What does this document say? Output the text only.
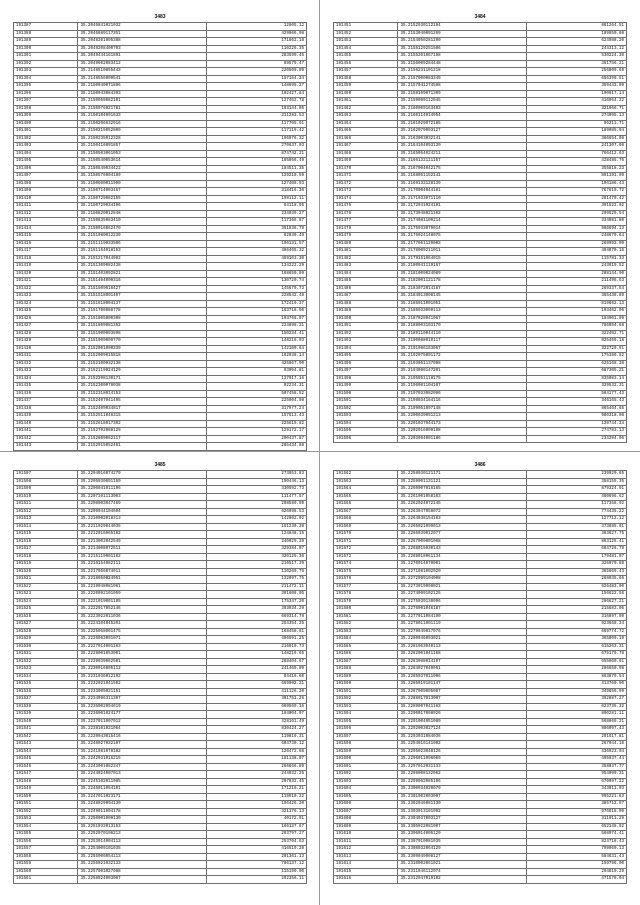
3483
191387	35.2046841021032	12605.12
191388	35.2046889117351	429066.08
191389	35.2048201005388	171662.18
191390	35.2049208400703	110226.35
191391	35.2049444161891	283599.45
191392	35.2049602083412	69579.47
191393	35.2148510855443	220509.09
191394	35.2148556009541	157164.34
191395	35.2150040071886	148695.27
191396	35.2150043084393	102427.84
191397	35.2150059082101	127462.78
191398	35.2150076021781	193144.05
191399	35.2150104091633	311283.53
191400	35.2150206632916	117705.61
191401	35.2150215052809	117119.42
191402	35.2150235012328	196976.32
191403	35.2150416091857	270637.03
191404	35.2150503061053	874742.21
191405	35.2150540053614	185056.49
191406	35.2150549034422	184511.35
191407	35.2150576004189	129218.59
191408	35.2150600011900	127408.93
191409	35.2150714003467	318416.36
191410	35.2150729082155	198112.11
191411	35.2150729034196	64118.96
191412	35.2150820012848	234039.27
191413	35.2150835083410	117366.87
191414	35.2150916062479	351936.79
191415	35.2151080012239	62830.49
191416	35.2151119033506	196131.57
191417	35.2151164018153	486465.32
191418	35.2151217044982	459103.30
191419	35.2151309082438	134222.29
191420	35.2151403092821	168650.89
191421	35.2151404000316	130720.74
191422	35.2151509016427	145679.73
191423	35.2151518001407	228542.48
191424	35.2151618004137	172419.37
191425	35.2151706088778	163718.90
191426	35.2151805000308	103766.07
191427	35.2151809081352	224898.31
191428	35.2151900093898	150234.41
191429	35.2151909009770	148216.93
191430	35.2152001090339	142100.64
191431	35.2152009015818	162938.14
191432	35.2152100032138	425867.90
191433	35.2152119024129	93094.81
191434	35.2152208130171	137017.16
191435	35.2152300078038	92234.31
191436	35.2152318014153	507458.52
191437	35.2152407041495	225904.98
191438	35.2152409034817	317977.24
191439	35.2152511046315	157613.43
191440	35.2152618017302	225619.82
191441	35.2152702088129	129172.17
191442	35.2152809062117	200437.87
191443	35.2152915052461	285434.88
3484
191451	35.2152930112194	861264.51
191452	35.2153040001269	189950.88
191453	35.2154050281290	624988.20
191454	35.2155129251506	244313.12
191455	35.2155201067198	530224.30
191456	35.2156009284448	351756.21
191457	35.2156231101218	256009.69
191458	35.2157000083349	656399.51
191459	35.2157041274588	359443.09
191460	35.2158109071309	190017.14
191461	35.2159099112045	416964.22
191462	35.2160009163403	321966.71
191463	35.2160114014054	274095.13
191464	35.2161029072185	96211.71
191465	35.2162079093127	189085.94
191466	35.2163003032141	366654.08
191467	35.2164104093130	241307.98
191468	35.2165054024211	766412.63
191469	35.2166132111157	428485.76
191470	35.2167004042175	355818.23
191471	35.2168051152141	891191.09
191472	35.2169133128139	104186.43
191473	35.2170004044181	767619.72
191474	35.2171033071110	281470.42
191475	35.2172041024191	391522.02
191476	35.2173048021162	299529.54
191477	35.2174081109214	334981.80
191478	35.2175033079014	986694.13
191479	35.2176024148075	248670.64
191480	35.2177061129003	269993.09
191481	35.2178009211011	494070.16
191482	35.2179151064015	115781.33
191483	35.2180041119167	243919.52
191484	35.2181009024089	288144.90
191485	35.2182001121178	211496.63
191486	35.2183072014167	269337.54
191487	35.2184013008145	365438.89
191488	35.2185011001051	819662.13
191489	35.2186033099113	103462.06
191490	35.2187028041067	184901.99
191491	35.2188003103170	786054.68
191492	35.2189110044110	322402.71
191493	35.2190088010117	825466.18
191494	35.2191086163067	322729.51
191495	35.2192075001172	175386.82
191496	35.2193051137098	625168.38
191497	35.2194086147201	687305.21
191498	35.2195051118175	835083.14
191499	35.2196081104107	329532.31
191500	35.2197033082096	584177.43
191501	35.2198034164116	346165.43
191502	35.2199051097148	865464.65
191503	35.2200039091213	980318.08
191504	35.2201037044173	139744.24
191505	35.2202016009188	274783.13
191506	35.2203094001186	234394.06
3485
191507	35.2204016074279	273953.83
191508	35.2205030091169	190446.13
191509	35.2206041011196	330592.73
191510	35.2207101113003	111477.57
191511	35.2208003047469	208589.09
191512	35.2209044104604	626998.53
191513	35.2210002018313	142802.02
191514	35.2211029044035	161230.38
191515	35.2212016065162	124848.15
191516	35.2213002042549	240029.39
191517	35.2214008072511	329384.07
191518	35.2215119001162	320125.36
191519	35.2216154082111	216517.39
191520	35.2217056074011	110269.76
191521	35.2218050024051	132097.75
191522	35.2219048081961	211472.11
191523	35.2220092101059	391608.05
191524	35.2221019001195	175347.20
191525	35.2222017052146	393034.29
191526	35.2223022011036	669314.78
191527	35.2224104045201	254354.25
191528	35.2225058001475	168458.81
191529	35.2226063091071	496591.25
191530	35.2227014001163	216010.73
191531	35.2228001053001	148216.65
191532	35.2229039062501	288404.67
191533	35.2230016005112	241469.09
191534	35.2231036012192	94416.60
191535	35.2232021041502	669902.21
191536	35.2233005021151	411126.20
191537	35.2234096311397	301751.26
191538	35.2235002094619	669569.15
191539	35.2236001024177	184004.07
191540	35.2237011007012	428161.49
191541	35.2238101021064	830424.27
191542	35.2239043015416	119819.31
191543	35.2240027032107	604730.12
191544	35.2241081078182	126472.68
191545	35.2242031016215	181138.07
191546	35.2243001082347	266666.89
191547	35.2244024007013	244032.26
191548	35.2245102011085	207032.45
191549	35.2246011054101	171219.21
191550	35.2247011023171	119910.32
191551	35.2248029004130	196426.20
191552	35.2249011004178	321176.13
191553	35.2250001009130	40172.91
191554	35.2251032013153	166137.67
191555	35.2252070106213	293797.27
191556	35.2253014004113	253704.63
191557	35.2254009101035	416519.28
191558	35.2255006054113	201361.13
191559	35.2256021032133	786137.12
191560	35.2257001027088	115199.00
191561	35.2258024003007	292356.11
3486
191562	35.2258030121171	239920.65
191563	35.2259001131121	358155.35
191564	35.2260007016165	879324.91
191565	35.2261001058103	460696.62
191566	35.2262024072145	117358.92
191567	35.2263047058072	774435.22
191568	35.2264038154163	127712.12
191569	35.2265021099013	373685.01
191570	35.2266039012077	363627.75
191571	35.2267009001068	863125.41
191572	35.2268015030143	684726.79
191573	35.2269018061134	179481.07
191574	35.2270014079001	326970.89
191575	35.2271081002020	365669.43
191576	35.2272099104008	268035.66
191577	35.2273019098021	626483.90
191578	35.2274099102125	156622.56
191579	35.2275039138096	286627.21
191580	35.2276001046187	215683.06
191581	35.2277011084190	316897.09
191582	35.2278011001119	923668.34
191583	35.2279049017076	669774.72
191584	35.2280046093021	365009.19
191585	35.2281063040113	615263.31
191586	35.2282001041168	675179.78
191587	35.2283088014107	655060.61
191588	35.2284027040061	286650.98
191589	35.2285037011006	863879.54
191590	35.2286019101147	413760.90
191591	35.2287009005087	349656.99
191592	35.2288017013007	392887.27
191593	35.2289007041163	623735.32
191594	35.2290017098026	890281.11
191595	35.2291004051089	568869.21
191596	35.2292003027124	886097.43
191597	35.2293031084036	291617.81
191598	35.2294016141002	267044.16
191599	35.2295023048126	436923.04
191600	35.2296011096069	495937.44
191601	35.2297012031133	358037.77
191602	35.2298008132062	954099.31
191603	35.2299062085106	670097.22
191604	35.2300034020079	343011.03
191605	35.2301002003007	995221.63
191606	35.2302046081130	385712.87
191607	35.2303013101092	976018.09
191608	35.2304037003137	311011.29
191609	35.2305022081007	652148.92
191610	35.2306014005129	568974.41
191611	35.2307010081035	824718.43
191612	35.2308032064129	799060.13
191613	35.2309049008127	584631.43
191614	35.2310002061021	159796.00
191615	35.2311046112074	294810.29
191616	35.2312047019102	471578.04
